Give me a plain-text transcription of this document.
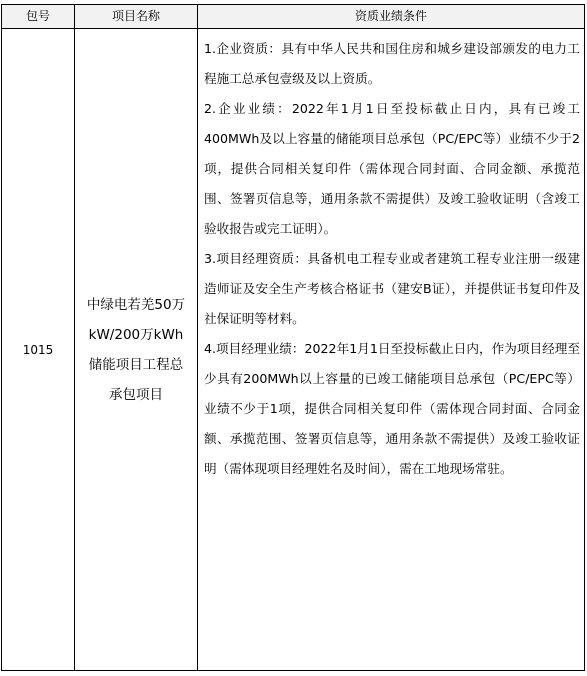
包号	项目名称	资质业绩条件
1015
中绿电若羌50万kW/200万kWh储能项目工程总承包项目

1.企业资质：具有中华人民共和国住房和城乡建设部颁发的电力工程施工总承包壹级及以上资质。

2.企业业绩：2022年1月1日至投标截止日内，具有已竣工400MWh及以上容量的储能项目总承包（PC/EPC等）业绩不少于2项，提供合同相关复印件（需体现合同封面、合同金额、承揽范围、签署页信息等，通用条款不需提供）及竣工验收证明（含竣工验收报告或完工证明）。

3.项目经理资质：具备机电工程专业或者建筑工程专业注册一级建造师证及安全生产考核合格证书（建安B证），并提供证书复印件及社保证明等材料。

4.项目经理业绩：2022年1月1日至投标截止日内，作为项目经理至少具有200MWh以上容量的已竣工储能项目总承包（PC/EPC等）业绩不少于1项，提供合同相关复印件（需体现合同封面、合同金额、承揽范围、签署页信息等，通用条款不需提供）及竣工验收证明（需体现项目经理姓名及时间），需在工地现场常驻。
